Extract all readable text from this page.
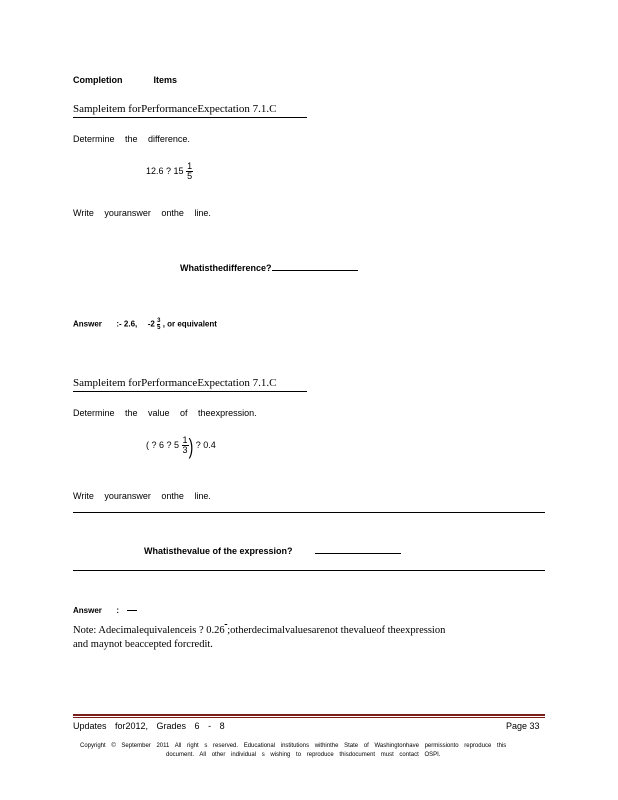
Completion	Items
Sampleitem forPerformanceExpectation 7.1.C
Determine the difference.
12.6 ? $15 \frac{1}{5}$
Write youranswer onthe line.
Whatisthedifference?
Answer :- 2.6, $-2 \frac{3}{5}$ , or equivalent
Sampleitem forPerformanceExpectation 7.1.C
Determine the value of theexpression.
( ? 6 ? $5 \frac{1}{3}$ ) ? 0.4
Write youranswer onthe line.
Whatisthevalue of the expression?
Answer :
Note: Adecimalequivalenceis ? 0.26 ;otherdecimalvaluesarenot thevalueof theexpression
and maynot beaccepted forcredit.
Updates for2012, Grades 6 - 8	Page 33
Copyright © September 2011 All right s reserved. Educational institutions withinthe State of Washingtonhave permissionto reproduce this
document. All other individual s wishing to reproduce thisdocument must contact OSPI.
